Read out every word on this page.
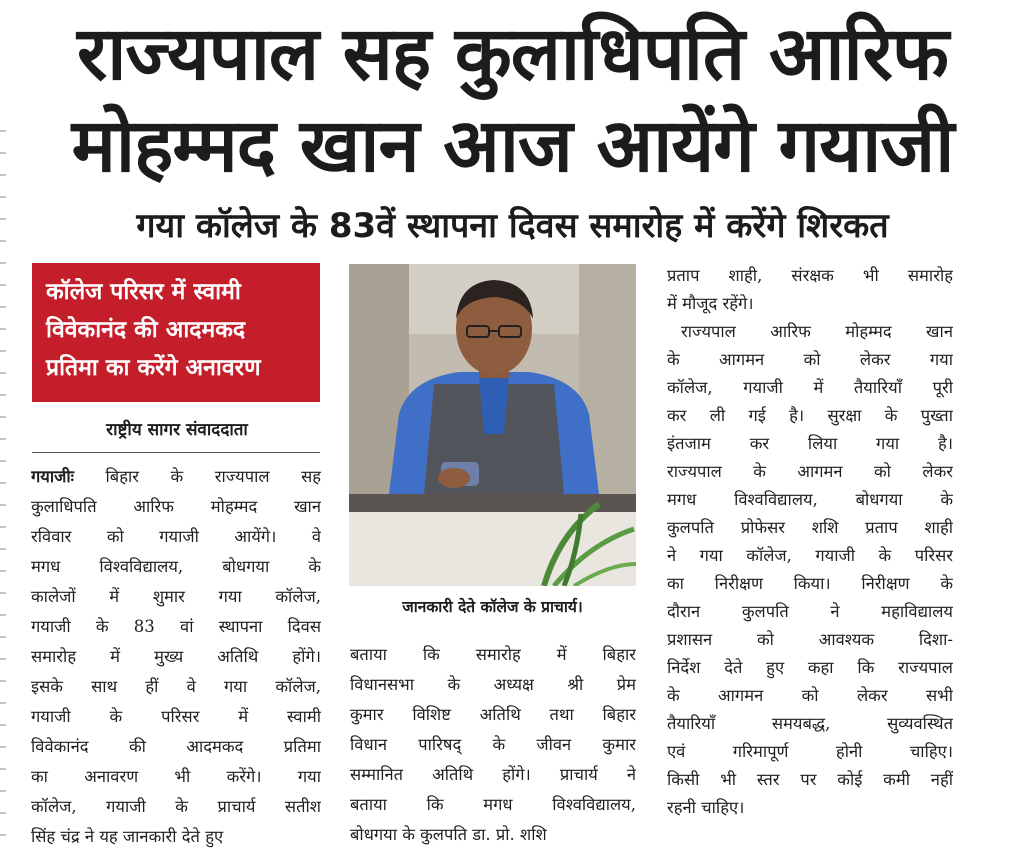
राज्यपाल सह कुलाधिपति आरिफ
मोहम्मद खान आज आयेंगे गयाजी
गया कॉलेज के 83वें स्थापना दिवस समारोह में करेंगे शिरकत
कॉलेज परिसर में स्वामी
विवेकानंद की आदमकद
प्रतिमा का करेंगे अनावरण
राष्ट्रीय सागर संवाददाता
गयाजीः बिहार के राज्यपाल सह
कुलाधिपति आरिफ मोहम्मद खान
रविवार को गयाजी आयेंगे। वे
मगध विश्वविद्यालय, बोधगया के
कालेजों में शुमार गया कॉलेज,
गयाजी के 83 वां स्थापना दिवस
समारोह में मुख्य अतिथि होंगे।
इसके साथ हीं वे गया कॉलेज,
गयाजी के परिसर में स्वामी
विवेकानंद की आदमकद प्रतिमा
का अनावरण भी करेंगे। गया
कॉलेज, गयाजी के प्राचार्य सतीश
सिंह चंद्र ने यह जानकारी देते हुए
जानकारी देते कॉलेज के प्राचार्य।
बताया कि समारोह में बिहार
विधानसभा के अध्यक्ष श्री प्रेम
कुमार विशिष्ट अतिथि तथा बिहार
विधान पारिषद् के जीवन कुमार
सम्मानित अतिथि होंगे। प्राचार्य ने
बताया कि मगध विश्वविद्यालय,
बोधगया के कुलपति डा. प्रो. शशि
प्रताप शाही, संरक्षक भी समारोह
में मौजूद रहेंगे।
राज्यपाल आरिफ मोहम्मद खान
के आगमन को लेकर गया
कॉलेज, गयाजी में तैयारियाँ पूरी
कर ली गई है। सुरक्षा के पुख्ता
इंतजाम कर लिया गया है।
राज्यपाल के आगमन को लेकर
मगध विश्वविद्यालय, बोधगया के
कुलपति प्रोफेसर शशि प्रताप शाही
ने गया कॉलेज, गयाजी के परिसर
का निरीक्षण किया। निरीक्षण के
दौरान कुलपति ने महाविद्यालय
प्रशासन को आवश्यक दिशा-
निर्देश देते हुए कहा कि राज्यपाल
के आगमन को लेकर सभी
तैयारियाँ समयबद्ध, सुव्यवस्थित
एवं गरिमापूर्ण होनी चाहिए।
किसी भी स्तर पर कोई कमी नहीं
रहनी चाहिए।
